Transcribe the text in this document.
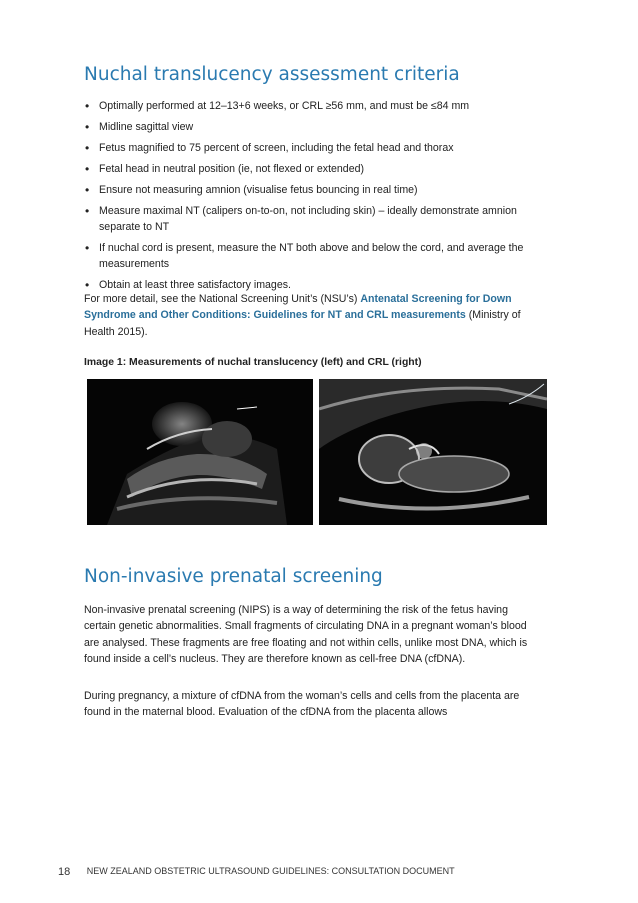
Nuchal translucency assessment criteria
• Optimally performed at 12–13+6 weeks, or CRL ≥56 mm, and must be ≤84 mm
• Midline sagittal view
• Fetus magnified to 75 percent of screen, including the fetal head and thorax
• Fetal head in neutral position (ie, not flexed or extended)
• Ensure not measuring amnion (visualise fetus bouncing in real time)
• Measure maximal NT (calipers on-to-on, not including skin) – ideally demonstrate amnion separate to NT
• If nuchal cord is present, measure the NT both above and below the cord, and average the measurements
• Obtain at least three satisfactory images.

For more detail, see the National Screening Unit’s (NSU’s) Antenatal Screening for Down Syndrome and Other Conditions: Guidelines for NT and CRL measurements (Ministry of Health 2015).

Image 1: Measurements of nuchal translucency (left) and CRL (right)

Non-invasive prenatal screening

Non-invasive prenatal screening (NIPS) is a way of determining the risk of the fetus having certain genetic abnormalities. Small fragments of circulating DNA in a pregnant woman’s blood are analysed. These fragments are free floating and not within cells, unlike most DNA, which is found inside a cell’s nucleus. They are therefore known as cell-free DNA (cfDNA).

During pregnancy, a mixture of cfDNA from the woman’s cells and cells from the placenta are found in the maternal blood. Evaluation of the cfDNA from the placenta allows

18 NEW ZEALAND OBSTETRIC ULTRASOUND GUIDELINES: CONSULTATION DOCUMENT
